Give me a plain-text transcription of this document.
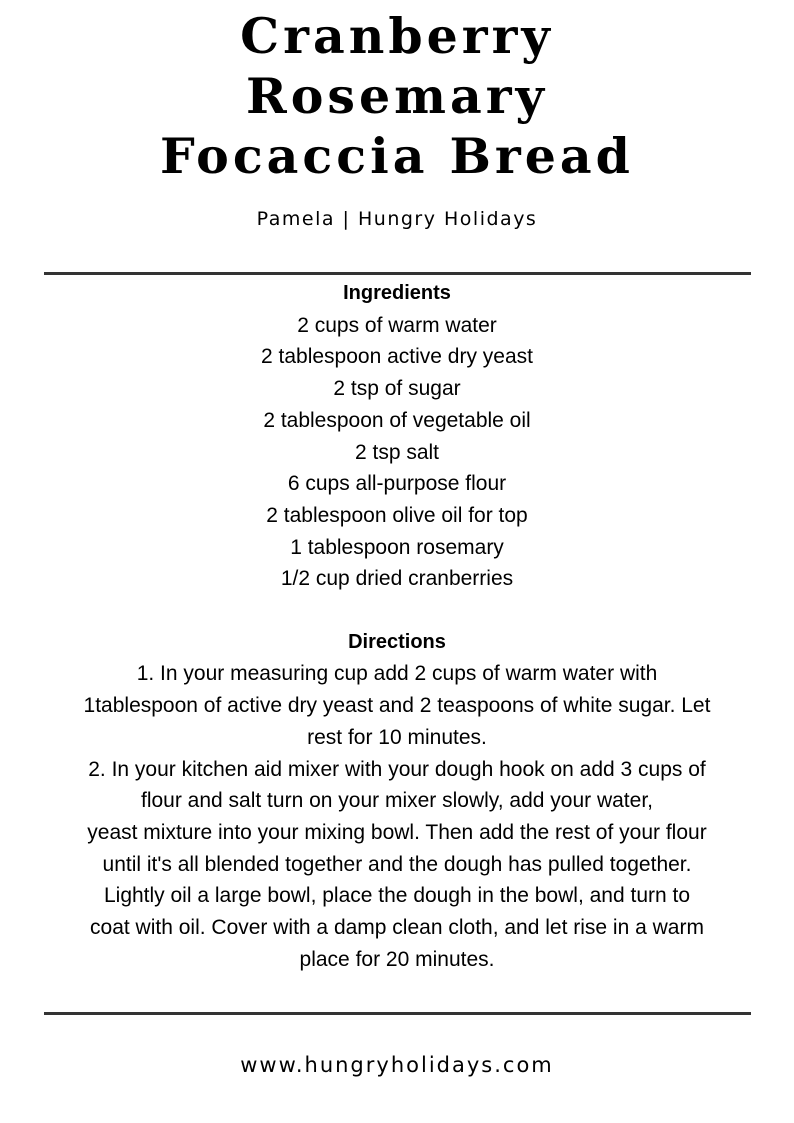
Cranberry
Rosemary
Focaccia Bread
Pamela | Hungry Holidays
Ingredients
2 cups of warm water
2 tablespoon active dry yeast
2 tsp of sugar
2 tablespoon of vegetable oil
2 tsp salt
6 cups all-purpose flour
2 tablespoon olive oil for top
1 tablespoon rosemary
1/2 cup dried cranberries
Directions
1. In your measuring cup add 2 cups of warm water with
1tablespoon of active dry yeast and 2 teaspoons of white sugar. Let
rest for 10 minutes.
2. In your kitchen aid mixer with your dough hook on add 3 cups of
flour and salt turn on your mixer slowly, add your water,
yeast mixture into your mixing bowl. Then add the rest of your flour
until it's all blended together and the dough has pulled together.
Lightly oil a large bowl, place the dough in the bowl, and turn to
coat with oil. Cover with a damp clean cloth, and let rise in a warm
place for 20 minutes.
www.hungryholidays.com
